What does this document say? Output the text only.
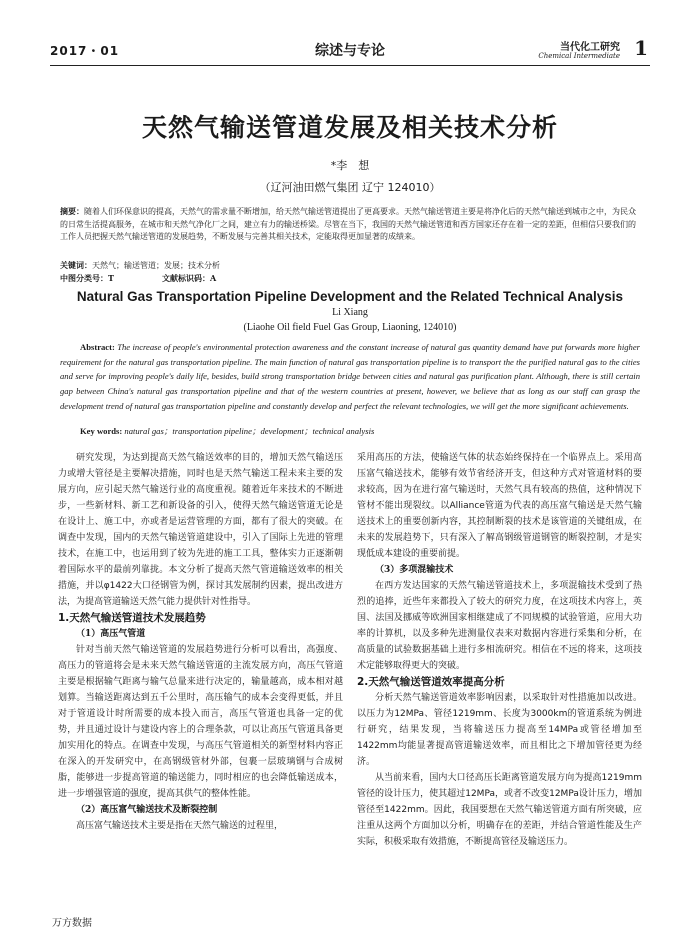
2017・01	综述与专论	当代化工研究
Chemical Intermediate 1
天然气输送管道发展及相关技术分析
*李　想
（辽河油田燃气集团 辽宁 124010）
摘要：随着人们环保意识的提高，天然气的需求量不断增加，给天然气输送管道提出了更高要求。天然气输送管道主要是将净化后的天然气输送到城市之中，为民众的日常生活提高服务，在城市和天然气净化厂之间，建立有力的输送桥梁。尽管在当下，我国的天然气输送管道和西方国家还存在着一定的差距，但相信只要我们的工作人员把握天然气输送管道的发展趋势，不断发展与完善其相关技术，定能取得更加显著的成绩来。
关键词：天然气；输送管道；发展；技术分析
中图分类号：T	文献标识码：A
Natural Gas Transportation Pipeline Development and the Related Technical Analysis
Li Xiang
(Liaohe Oil field Fuel Gas Group, Liaoning, 124010)
Abstract: The increase of people's environmental protection awareness and the constant increase of natural gas quantity demand have put forwards more higher requirement for the natural gas transportation pipeline. The main function of natural gas transportation pipeline is to transport the the purified natural gas to the cities and serve for improving people's daily life, besides, build strong transportation bridge between cities and natural gas purification plant. Although, there is still certain gap between China's natural gas transportation pipeline and that of the western countries at present, however, we believe that as long as our staff can grasp the development trend of natural gas transportation pipeline and constantly develop and perfect the relevant technologies, we will get the more significant achievements.
Key words: natural gas；transportation pipeline；development；technical analysis

研究发现，为达到提高天然气输送效率的目的，增加天然气输送压力或增大管径是主要解决措施，同时也是天然气输送工程未来主要的发展方向，应引起天然气输送行业的高度重视。随着近年来技术的不断进步，一些新材料、新工艺和新设备的引入，使得天然气输送管道无论是在设计上、施工中，亦或者是运营管理的方面，都有了很大的突破。在调查中发现，国内的天然气输送管道建设中，引入了国际上先进的管理技术，在施工中，也运用到了较为先进的施工工具，整体实力正逐渐朝着国际水平的最前列靠拢。本文分析了提高天然气管道输送效率的相关措施，并以φ1422大口径钢管为例，探讨其发展制约因素，提出改进方法，为提高管道输送天然气能力提供针对性指导。

1.天然气输送管道技术发展趋势
（1）高压气管道

针对当前天然气输送管道的发展趋势进行分析可以看出，高强度、高压力的管道将会是未来天然气输送管道的主流发展方向，高压气管道主要是根据输气距离与输气总量来进行决定的，输量越高，成本相对越划算。当输送距离达到五千公里时，高压输气的成本会变得更低，并且对于管道设计时所需要的成本投入而言，高压气管道也具备一定的优势，并且通过设计与建设内容上的合理条款，可以让高压气管道具备更加实用化的特点。在调查中发现，与高压气管道相关的新型材料内容正在深入的开发研究中，在高钢级管材外部，包裹一层玻璃钢与合成树脂，能够进一步提高管道的输送能力，同时相应的也会降低输送成本，进一步增强管道的强度，提高其供气的整体性能。

（2）高压富气输送技术及断裂控制

高压富气输送技术主要是指在天然气输送的过程里，

采用高压的方法，使输送气体的状态始终保持在一个临界点上。采用高压富气输送技术，能够有效节省经济开支，但这种方式对管道材料的要求较高，因为在进行富气输送时，天然气具有较高的热值，这种情况下管材不能出现裂纹。以Alliance管道为代表的高压富气输送是天然气输送技术上的重要创新内容，其控制断裂的技术是该管道的关键组成，在未来的发展趋势下，只有深入了解高钢级管道钢管的断裂控制，才是实现低成本建设的重要前提。

（3）多项混输技术

在西方发达国家的天然气输送管道技术上，多项混输技术受到了热烈的追捧，近些年来都投入了较大的研究力度，在这项技术内容上，英国、法国及挪威等欧洲国家相继建成了不同规模的试验管道，应用大功率的计算机，以及多种先进测量仪表来对数据内容进行采集和分析，在高质量的试验数据基础上进行多相流研究。相信在不远的将来，这项技术定能够取得更大的突破。

2.天然气输送管道效率提高分析

分析天然气输送管道效率影响因素，以采取针对性措施加以改进。以压力为12MPa、管径1219mm、长度为3000km的管道系统为例进行研究，结果发现，当将输送压力提高至14MPa或管径增加至1422mm均能显著提高管道输送效率，而且相比之下增加管径更为经济。

从当前来看，国内大口径高压长距离管道发展方向为提高1219mm管径的设计压力，使其超过12MPa，或者不改变12MPa设计压力，增加管径至1422mm。因此，我国要想在天然气输送管道方面有所突破，应注重从这两个方面加以分析，明确存在的差距，并结合管道性能及生产实际，积极采取有效措施，不断提高管径及输送压力。

万方数据
